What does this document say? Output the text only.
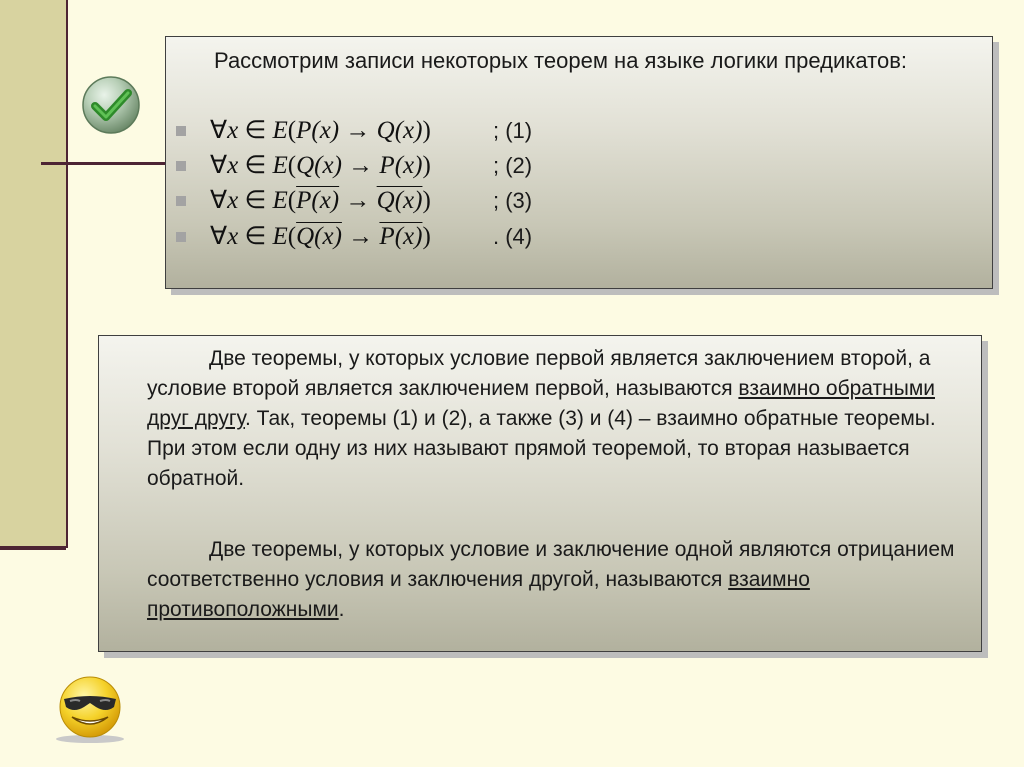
Рассмотрим записи некоторых теорем на языке логики предикатов:
∀x ∈ E(P(x) → Q(x))	; (1)
∀x ∈ E(Q(x) → P(x))	; (2)
∀x ∈ E(P(x) → Q(x))	; (3)
∀x ∈ E(Q(x) → P(x))	. (4)

Две теоремы, у которых условие первой является заключением второй, а условие второй является заключением первой, называются взаимно обратными друг другу. Так, теоремы (1) и (2), а также (3) и (4) – взаимно обратные теоремы. При этом если одну из них называют прямой теоремой, то вторая называется обратной.

Две теоремы, у которых условие и заключение одной являются отрицанием соответственно условия и заключения другой, называются взаимно противоположными.
